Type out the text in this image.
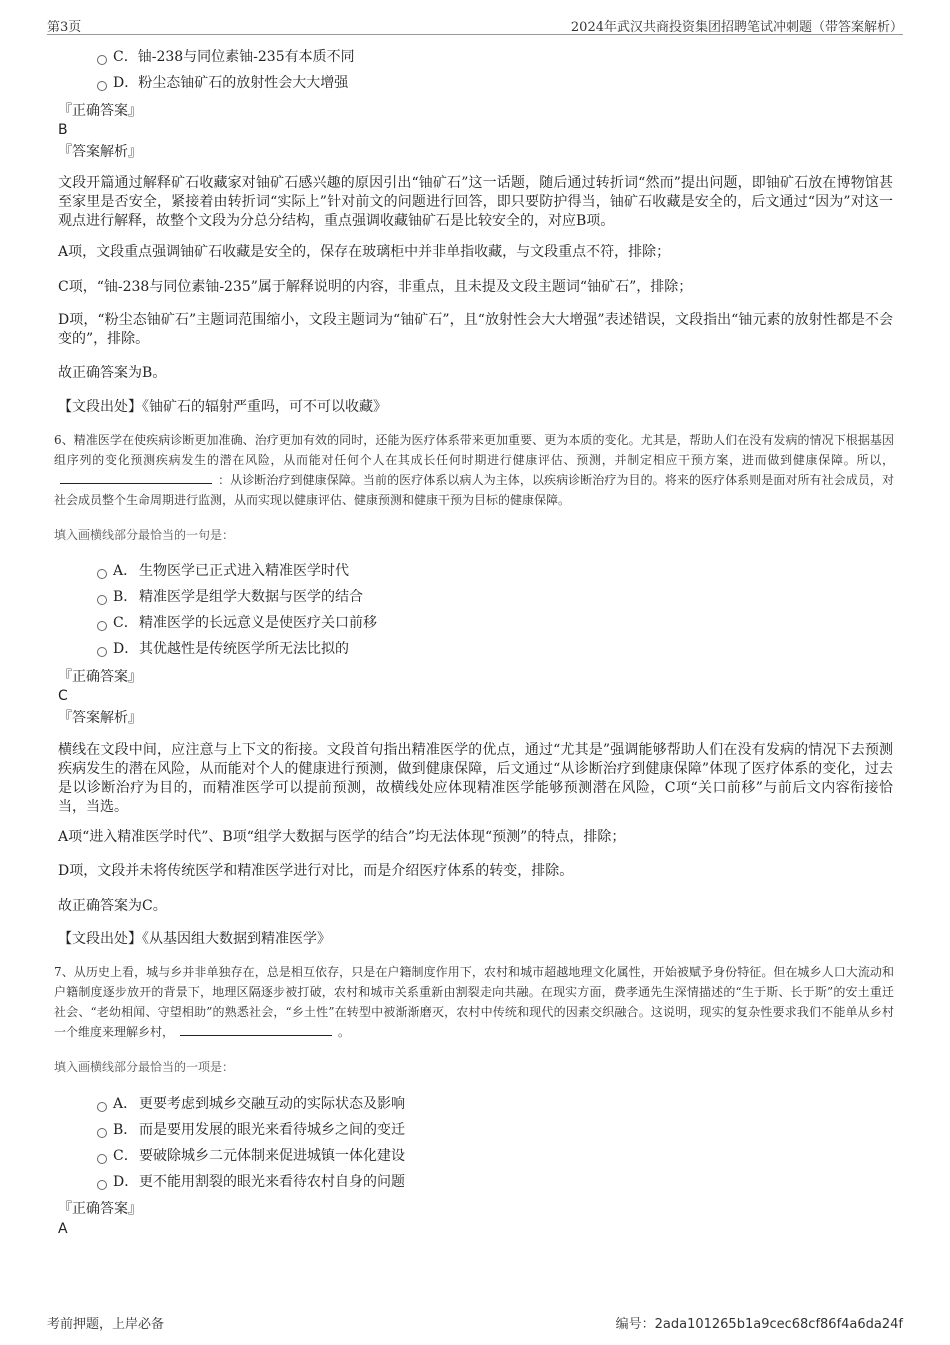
第3页	2024年武汉共商投资集团招聘笔试冲刺题（带答案解析）
C． 铀-238与同位素铀-235有本质不同
D． 粉尘态铀矿石的放射性会大大增强
『正确答案』
B
『答案解析』

文段开篇通过解释矿石收藏家对铀矿石感兴趣的原因引出“铀矿石”这一话题，随后通过转折词“然而”提出问题，即铀矿石放在博物馆甚至家里是否安全，紧接着由转折词“实际上”针对前文的问题进行回答，即只要防护得当，铀矿石收藏是安全的，后文通过“因为”对这一观点进行解释，故整个文段为分总分结构，重点强调收藏铀矿石是比较安全的，对应B项。

A项，文段重点强调铀矿石收藏是安全的，保存在玻璃柜中并非单指收藏，与文段重点不符，排除；

C项，“铀-238与同位素铀-235”属于解释说明的内容，非重点，且未提及文段主题词“铀矿石”，排除；

D项，“粉尘态铀矿石”主题词范围缩小，文段主题词为“铀矿石”，且“放射性会大大增强”表述错误，文段指出“铀元素的放射性都是不会变的”，排除。

故正确答案为B。

【文段出处】《铀矿石的辐射严重吗，可不可以收藏》

6、精准医学在使疾病诊断更加准确、治疗更加有效的同时，还能为医疗体系带来更加重要、更为本质的变化。尤其是，帮助人们在没有发病的情况下根据基因组序列的变化预测疾病发生的潜在风险，从而能对任何个人在其成长任何时期进行健康评估、预测，并制定相应干预方案，进而做到健康保障。所以，：从诊断治疗到健康保障。当前的医疗体系以病人为主体，以疾病诊断治疗为目的。将来的医疗体系则是面对所有社会成员，对社会成员整个生命周期进行监测，从而实现以健康评估、健康预测和健康干预为目标的健康保障。

填入画横线部分最恰当的一句是：
A． 生物医学已正式进入精准医学时代
B． 精准医学是组学大数据与医学的结合
C． 精准医学的长远意义是使医疗关口前移
D． 其优越性是传统医学所无法比拟的
『正确答案』
C
『答案解析』

横线在文段中间，应注意与上下文的衔接。文段首句指出精准医学的优点，通过“尤其是”强调能够帮助人们在没有发病的情况下去预测疾病发生的潜在风险，从而能对个人的健康进行预测，做到健康保障，后文通过“从诊断治疗到健康保障”体现了医疗体系的变化，过去是以诊断治疗为目的，而精准医学可以提前预测，故横线处应体现精准医学能够预测潜在风险，C项“关口前移”与前后文内容衔接恰当，当选。

A项“进入精准医学时代”、B项“组学大数据与医学的结合”均无法体现“预测”的特点，排除；

D项，文段并未将传统医学和精准医学进行对比，而是介绍医疗体系的转变，排除。

故正确答案为C。

【文段出处】《从基因组大数据到精准医学》

7、从历史上看，城与乡并非单独存在，总是相互依存，只是在户籍制度作用下，农村和城市超越地理文化属性，开始被赋予身份特征。但在城乡人口大流动和户籍制度逐步放开的背景下，地理区隔逐步被打破，农村和城市关系重新由割裂走向共融。在现实方面，费孝通先生深情描述的“生于斯、长于斯”的安土重迁社会、“老幼相闻、守望相助”的熟悉社会，“乡土性”在转型中被渐渐磨灭，农村中传统和现代的因素交织融合。这说明，现实的复杂性要求我们不能单从乡村一个维度来理解乡村，	。

填入画横线部分最恰当的一项是：
A． 更要考虑到城乡交融互动的实际状态及影响
B． 而是要用发展的眼光来看待城乡之间的变迁
C． 要破除城乡二元体制来促进城镇一体化建设
D． 更不能用割裂的眼光来看待农村自身的问题
『正确答案』
A
考前押题，上岸必备	编号：2ada101265b1a9cec68cf86f4a6da24f
